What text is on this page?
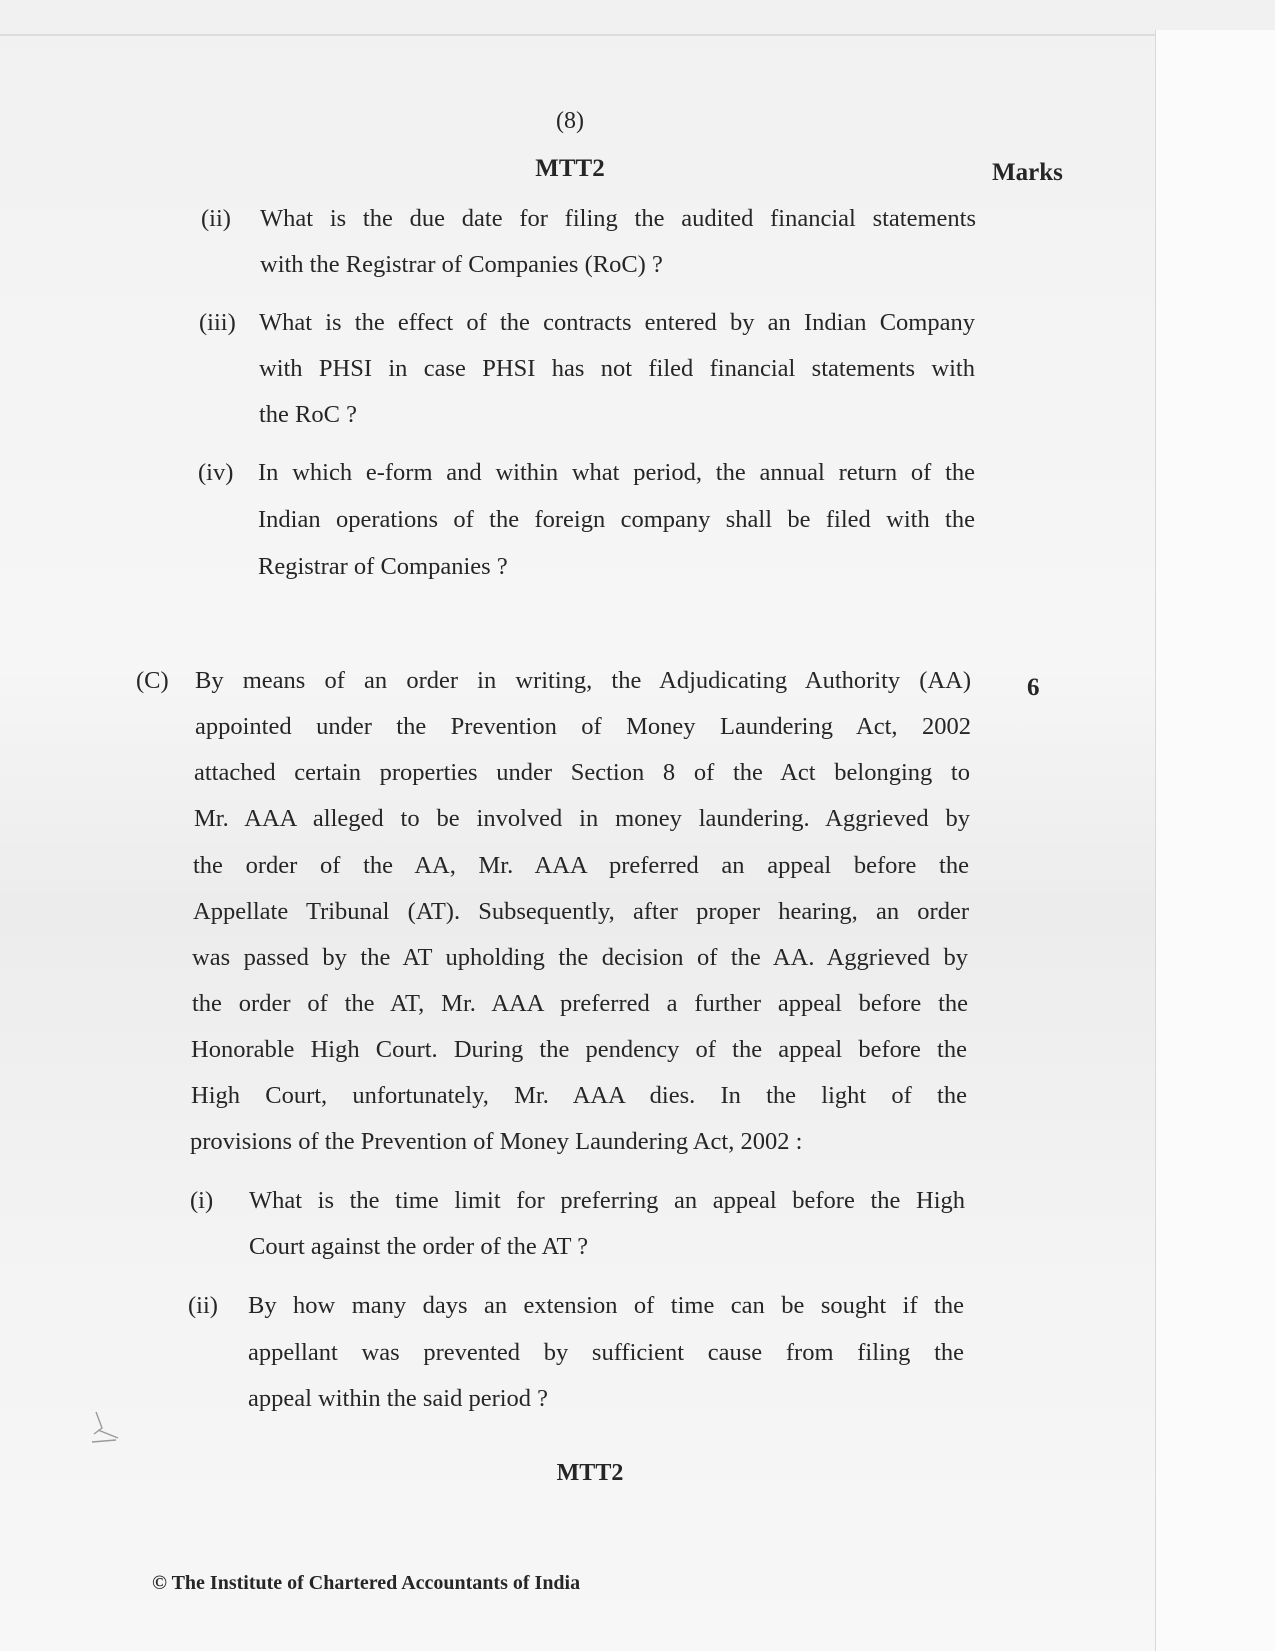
(8)
MTT2	Marks
(ii) What is the due date for filing the audited financial statements
with the Registrar of Companies (RoC) ?
(iii) What is the effect of the contracts entered by an Indian Company
with PHSI in case PHSI has not filed financial statements with
the RoC ?
(iv) In which e-form and within what period, the annual return of the
Indian operations of the foreign company shall be filed with the
Registrar of Companies ?
(C)	6
By means of an order in writing, the Adjudicating Authority (AA)
appointed under the Prevention of Money Laundering Act, 2002
attached certain properties under Section 8 of the Act belonging to
Mr. AAA alleged to be involved in money laundering. Aggrieved by
the order of the AA, Mr. AAA preferred an appeal before the
Appellate Tribunal (AT). Subsequently, after proper hearing, an order
was passed by the AT upholding the decision of the AA. Aggrieved by
the order of the AT, Mr. AAA preferred a further appeal before the
Honorable High Court. During the pendency of the appeal before the
High Court, unfortunately, Mr. AAA dies. In the light of the
provisions of the Prevention of Money Laundering Act, 2002 :
(i) What is the time limit for preferring an appeal before the High
Court against the order of the AT ?
(ii) By how many days an extension of time can be sought if the
appellant was prevented by sufficient cause from filing the
appeal within the said period ?
MTT2
© The Institute of Chartered Accountants of India
